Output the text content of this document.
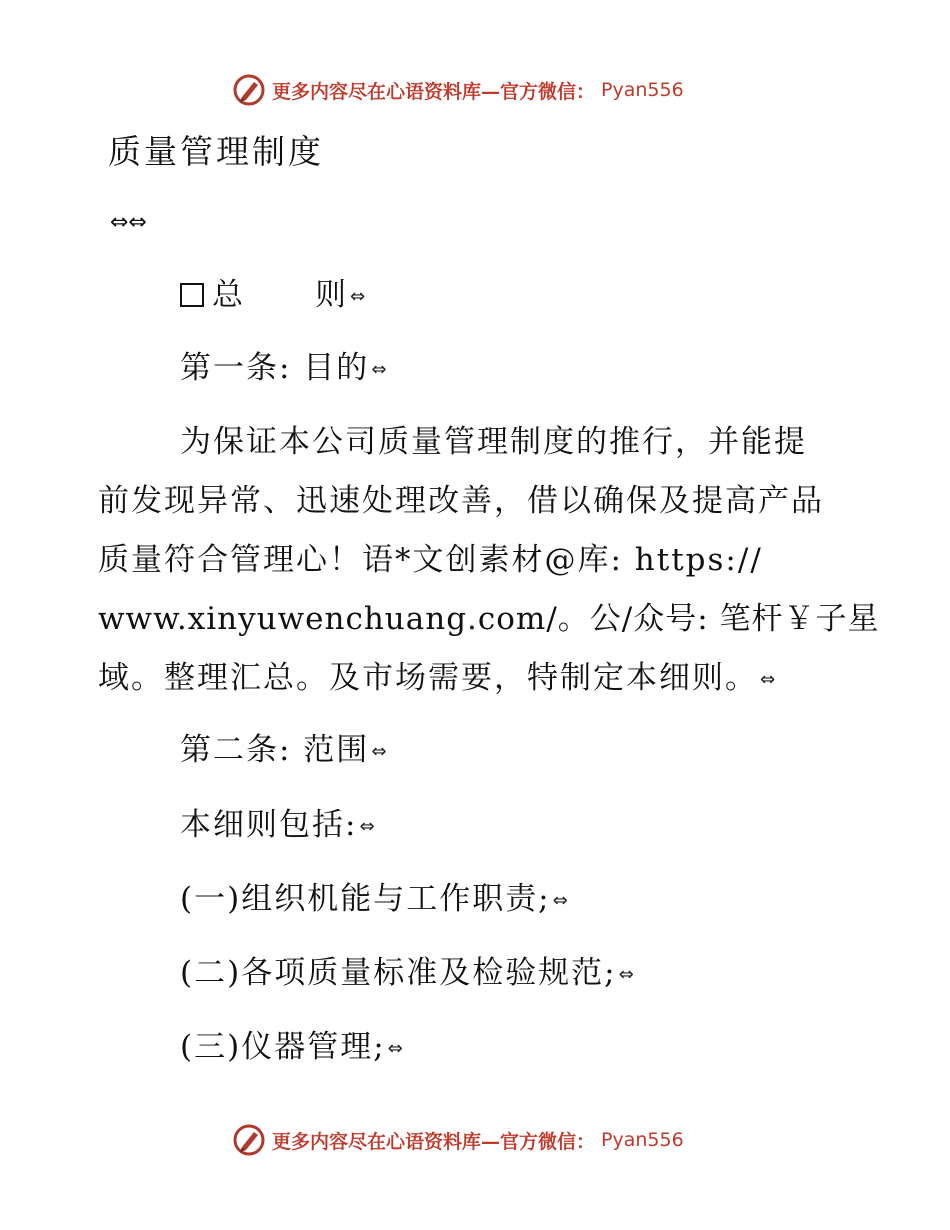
更多内容尽在心语资料库—官方微信： Pyan556
质量管理制度
⇔⇔
总 则 ⇔
第一条: 目的 ⇔
为保证本公司质量管理制度的推行，并能提
前发现异常、迅速处理改善，借以确保及提高产品
质量符合管理心！语*文创素材@库: https://
www.xinyuwenchuang.com/。公/众号: 笔杆￥子星
域。整理汇总。及市场需要，特制定本细则。 ⇔
第二条: 范围 ⇔
本细则包括: ⇔
(一)组织机能与工作职责; ⇔
(二)各项质量标准及检验规范; ⇔
(三)仪器管理; ⇔
更多内容尽在心语资料库—官方微信： Pyan556
